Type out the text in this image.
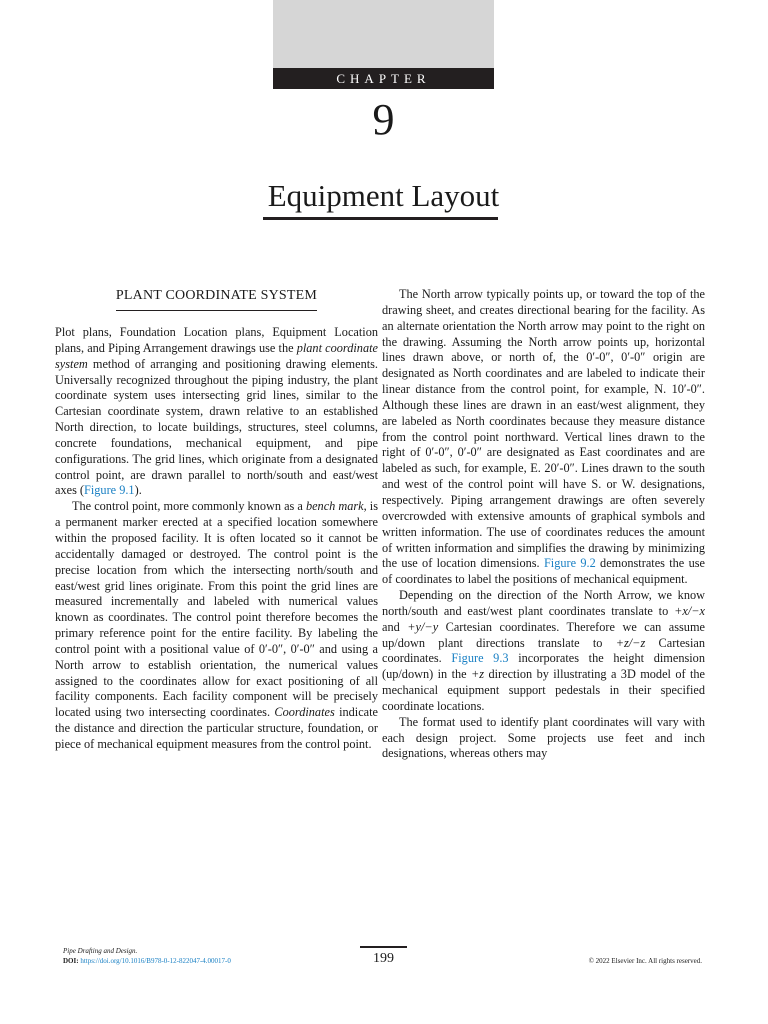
CHAPTER
9
Equipment Layout
PLANT COORDINATE SYSTEM

Plot plans, Foundation Location plans, Equipment Location plans, and Piping Arrangement drawings use the plant coordinate system method of arranging and positioning drawing elements. Universally recognized throughout the piping industry, the plant coordinate system uses intersecting grid lines, similar to the Cartesian coordinate system, drawn relative to an established North direction, to locate buildings, structures, steel columns, concrete foundations, mechanical equipment, and pipe configurations. The grid lines, which originate from a designated control point, are drawn parallel to north/south and east/west axes (Figure 9.1).

The control point, more commonly known as a bench mark, is a permanent marker erected at a specified location somewhere within the proposed facility. It is often located so it cannot be accidentally damaged or destroyed. The control point is the precise location from which the intersecting north/south and east/west grid lines originate. From this point the grid lines are measured incrementally and labeled with numerical values known as coordinates. The control point therefore becomes the primary reference point for the entire facility. By labeling the control point with a positional value of 0′-0″, 0′-0″ and using a North arrow to establish orientation, the numerical values assigned to the coordinates allow for exact positioning of all facility components. Each facility component will be precisely located using two intersecting coordinates. Coordinates indicate the distance and direction the particular structure, foundation, or piece of mechanical equipment measures from the control point.

The North arrow typically points up, or toward the top of the drawing sheet, and creates directional bearing for the facility. As an alternate orientation the North arrow may point to the right on the drawing. Assuming the North arrow points up, horizontal lines drawn above, or north of, the 0′-0″, 0′-0″ origin are designated as North coordinates and are labeled to indicate their linear distance from the control point, for example, N. 10′-0″. Although these lines are drawn in an east/west alignment, they are labeled as North coordinates because they measure distance from the control point northward. Vertical lines drawn to the right of 0′-0″, 0′-0″ are designated as East coordinates and are labeled as such, for example, E. 20′-0″. Lines drawn to the south and west of the control point will have S. or W. designations, respectively. Piping arrangement drawings are often severely overcrowded with extensive amounts of graphical symbols and written information. The use of coordinates reduces the amount of written information and simplifies the drawing by minimizing the use of location dimensions. Figure 9.2 demonstrates the use of coordinates to label the positions of mechanical equipment.

Depending on the direction of the North Arrow, we know north/south and east/west plant coordinates translate to +x/−x and +y/−y Cartesian coordinates. Therefore we can assume up/down plant directions translate to +z/−z Cartesian coordinates. Figure 9.3 incorporates the height dimension (up/down) in the +z direction by illustrating a 3D model of the mechanical equipment support pedestals in their specified coordinate locations.

The format used to identify plant coordinates will vary with each design project. Some projects use feet and inch designations, whereas others may

Pipe Drafting and Design.
DOI: https://doi.org/10.1016/B978-0-12-822047-4.00017-0	199	© 2022 Elsevier Inc. All rights reserved.
